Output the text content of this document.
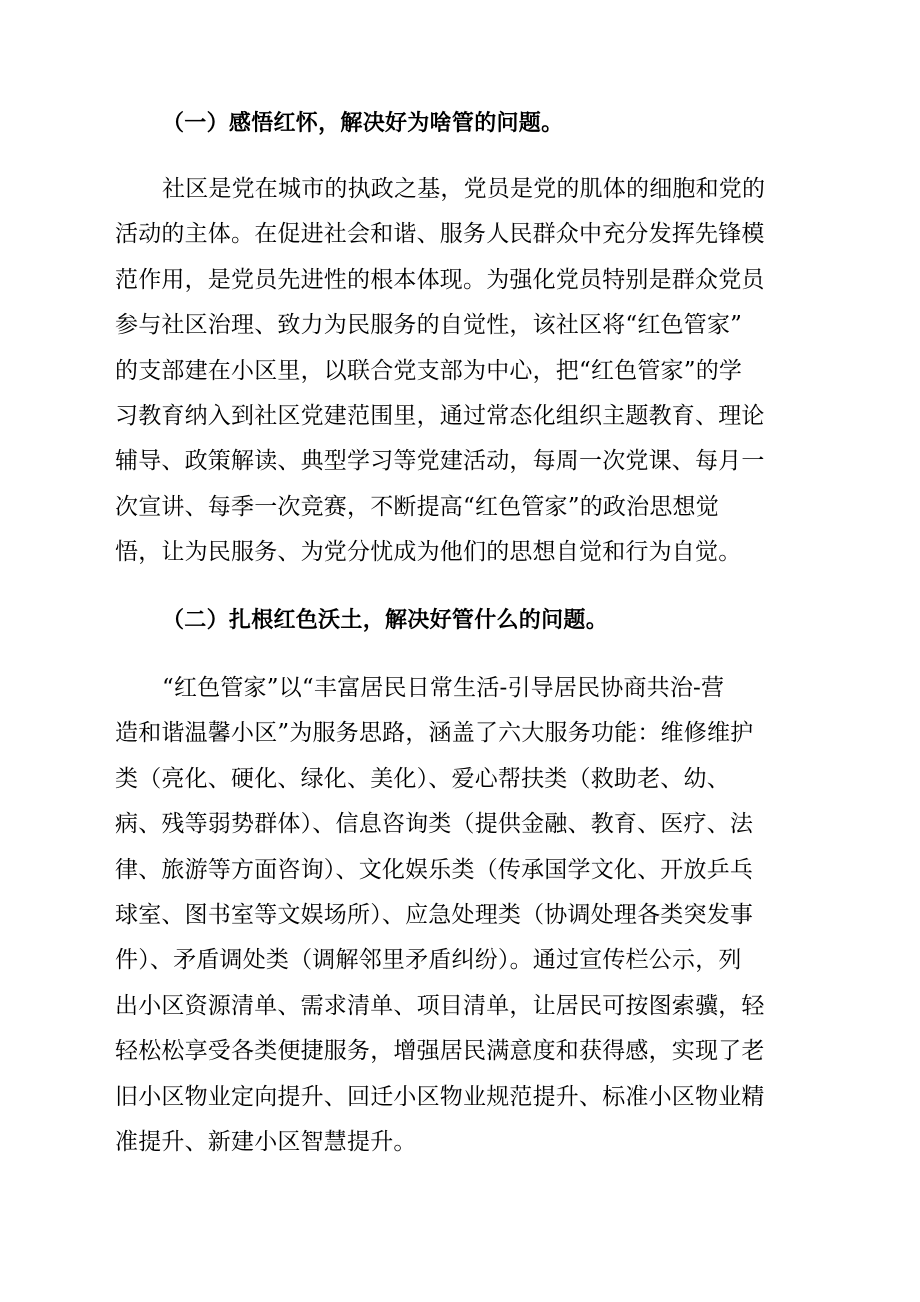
（一）感悟红怀，解决好为啥管的问题。
社区是党在城市的执政之基，党员是党的肌体的细胞和党的
活动的主体。在促进社会和谐、服务人民群众中充分发挥先锋模
范作用，是党员先进性的根本体现。为强化党员特别是群众党员
参与社区治理、致力为民服务的自觉性，该社区将“红色管家”
的支部建在小区里，以联合党支部为中心，把“红色管家”的学
习教育纳入到社区党建范围里，通过常态化组织主题教育、理论
辅导、政策解读、典型学习等党建活动，每周一次党课、每月一
次宣讲、每季一次竞赛，不断提高“红色管家”的政治思想觉
悟，让为民服务、为党分忧成为他们的思想自觉和行为自觉。
（二）扎根红色沃土，解决好管什么的问题。
“红色管家”以“丰富居民日常生活-引导居民协商共治-营
造和谐温馨小区”为服务思路，涵盖了六大服务功能：维修维护
类（亮化、硬化、绿化、美化）、爱心帮扶类（救助老、幼、
病、残等弱势群体）、信息咨询类（提供金融、教育、医疗、法
律、旅游等方面咨询）、文化娱乐类（传承国学文化、开放乒乓
球室、图书室等文娱场所）、应急处理类（协调处理各类突发事
件）、矛盾调处类（调解邻里矛盾纠纷）。通过宣传栏公示，列
出小区资源清单、需求清单、项目清单，让居民可按图索骥，轻
轻松松享受各类便捷服务，增强居民满意度和获得感，实现了老
旧小区物业定向提升、回迁小区物业规范提升、标准小区物业精
准提升、新建小区智慧提升。
